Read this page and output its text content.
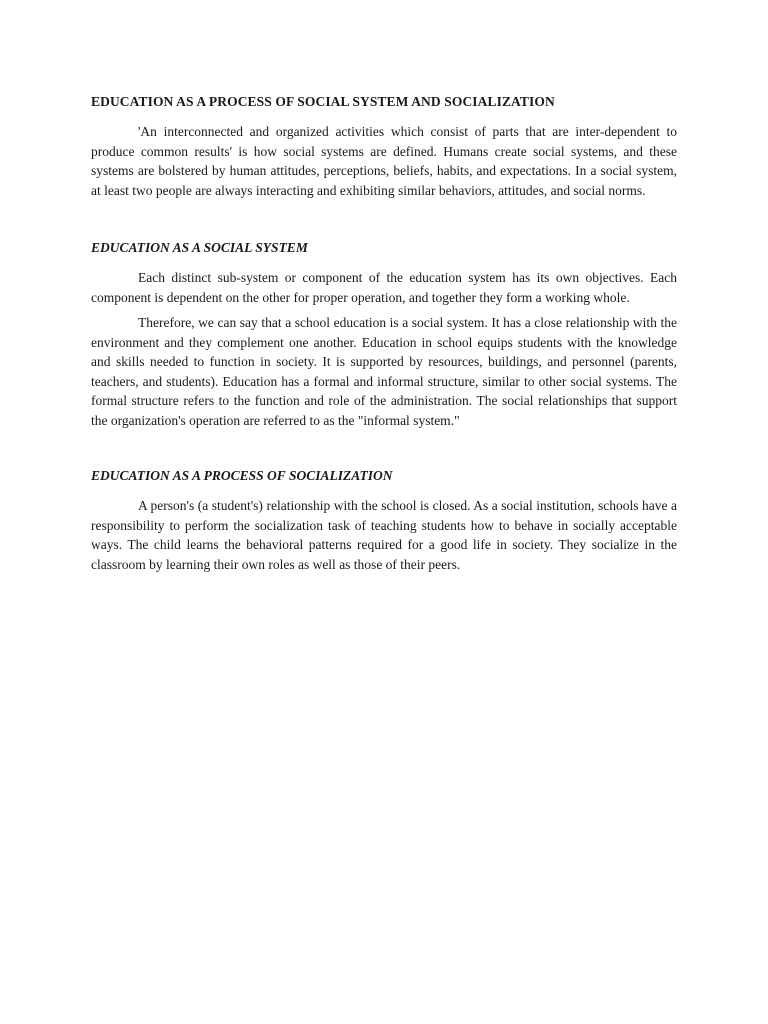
EDUCATION AS A PROCESS OF SOCIAL SYSTEM AND SOCIALIZATION

'An interconnected and organized activities which consist of parts that are inter-dependent to produce common results' is how social systems are defined. Humans create social systems, and these systems are bolstered by human attitudes, perceptions, beliefs, habits, and expectations. In a social system, at least two people are always interacting and exhibiting similar behaviors, attitudes, and social norms.

EDUCATION AS A SOCIAL SYSTEM

Each distinct sub-system or component of the education system has its own objectives. Each component is dependent on the other for proper operation, and together they form a working whole.

Therefore, we can say that a school education is a social system. It has a close relationship with the environment and they complement one another. Education in school equips students with the knowledge and skills needed to function in society. It is supported by resources, buildings, and personnel (parents, teachers, and students). Education has a formal and informal structure, similar to other social systems. The formal structure refers to the function and role of the administration. The social relationships that support the organization's operation are referred to as the "informal system."

EDUCATION AS A PROCESS OF SOCIALIZATION

A person's (a student's) relationship with the school is closed. As a social institution, schools have a responsibility to perform the socialization task of teaching students how to behave in socially acceptable ways. The child learns the behavioral patterns required for a good life in society. They socialize in the classroom by learning their own roles as well as those of their peers.
